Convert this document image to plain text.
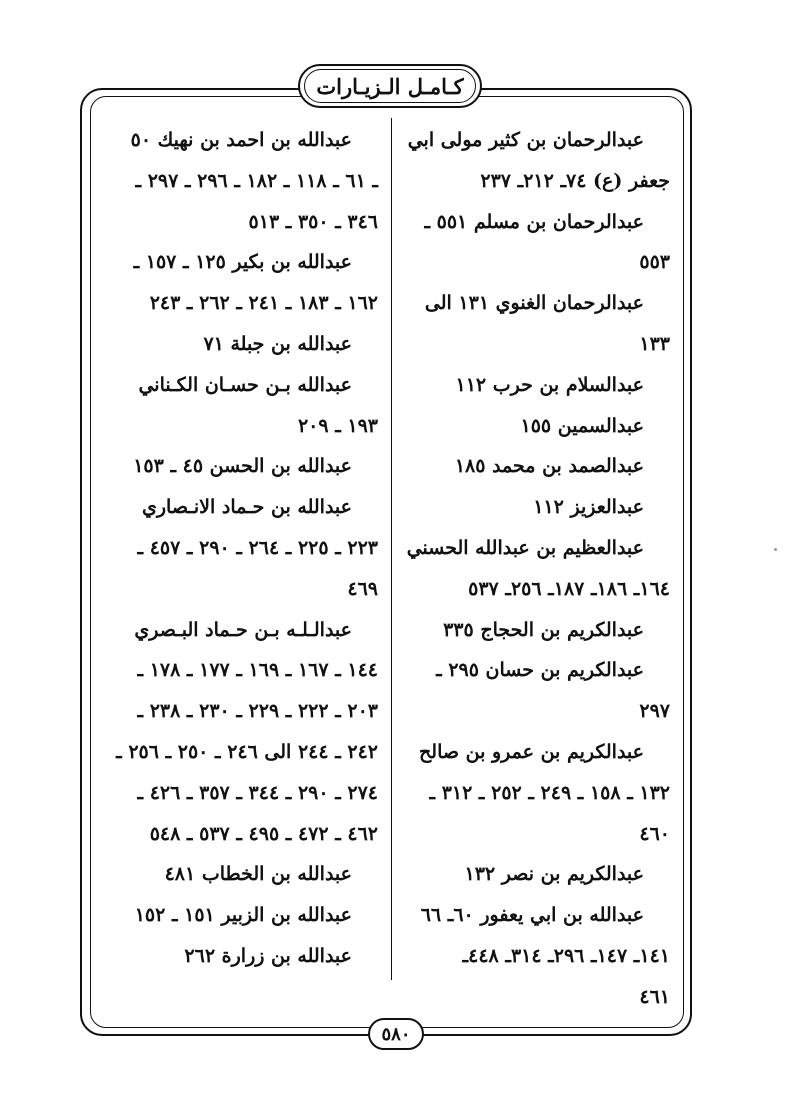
كـامـل الـزيـارات
عبدالرحمان بن كثير مولى ابي
جعفر (ع) ٧٤ـ ٢١٢ـ ٢٣٧
عبدالرحمان بن مسلم ٥٥١ ـ
٥٥٣
عبدالرحمان الغنوي ١٣١ الى
١٣٣
عبدالسلام بن حرب ١١٢
عبدالسمين ١٥٥
عبدالصمد بن محمد ١٨٥
عبدالعزيز ١١٢
عبدالعظيم بن عبدالله الحسني
١٦٤ـ ١٨٦ـ ١٨٧ـ ٢٥٦ـ ٥٣٧
عبدالكريم بن الحجاج ٣٣٥
عبدالكريم بن حسان ٢٩٥ ـ
٢٩٧
عبدالكريم بن عمرو بن صالح
١٣٢ ـ ١٥٨ ـ ٢٤٩ ـ ٢٥٢ ـ ٣١٢ ـ
٤٦٠
عبدالكريم بن نصر ١٣٢
عبدالله بن ابي يعفور ٦٠ـ ٦٦
١٤١ـ ١٤٧ـ ٢٩٦ـ ٣١٤ـ ٤٤٨ـ
٤٦١
عبدالله بن احمد بن نهيك ٥٠
ـ ٦١ ـ ١١٨ ـ ١٨٢ ـ ٢٩٦ ـ ٢٩٧ ـ
٣٤٦ ـ ٣٥٠ ـ ٥١٣
عبدالله بن بكير ١٢٥ ـ ١٥٧ ـ
١٦٢ ـ ١٨٣ ـ ٢٤١ ـ ٢٦٢ ـ ٢٤٣
عبدالله بن جبلة ٧١
عبدالله بـن حسـان الكـناني
١٩٣ ـ ٢٠٩
عبدالله بن الحسن ٤٥ ـ ١٥٣
عبدالله بن حـماد الانـصاري
٢٢٣ ـ ٢٢٥ ـ ٢٦٤ ـ ٢٩٠ ـ ٤٥٧ ـ
٤٦٩
عبدالـلـه بـن حـماد البـصري
١٤٤ ـ ١٦٧ ـ ١٦٩ ـ ١٧٧ ـ ١٧٨ ـ
٢٠٣ ـ ٢٢٢ ـ ٢٢٩ ـ ٢٣٠ ـ ٢٣٨ ـ
٢٤٢ ـ ٢٤٤ الى ٢٤٦ ـ ٢٥٠ ـ ٢٥٦ ـ
٢٧٤ ـ ٢٩٠ ـ ٣٤٤ ـ ٣٥٧ ـ ٤٢٦ ـ
٤٦٢ ـ ٤٧٢ ـ ٤٩٥ ـ ٥٣٧ ـ ٥٤٨
عبدالله بن الخطاب ٤٨١
عبدالله بن الزبير ١٥١ ـ ١٥٢
عبدالله بن زرارة ٢٦٢
٥٨٠
